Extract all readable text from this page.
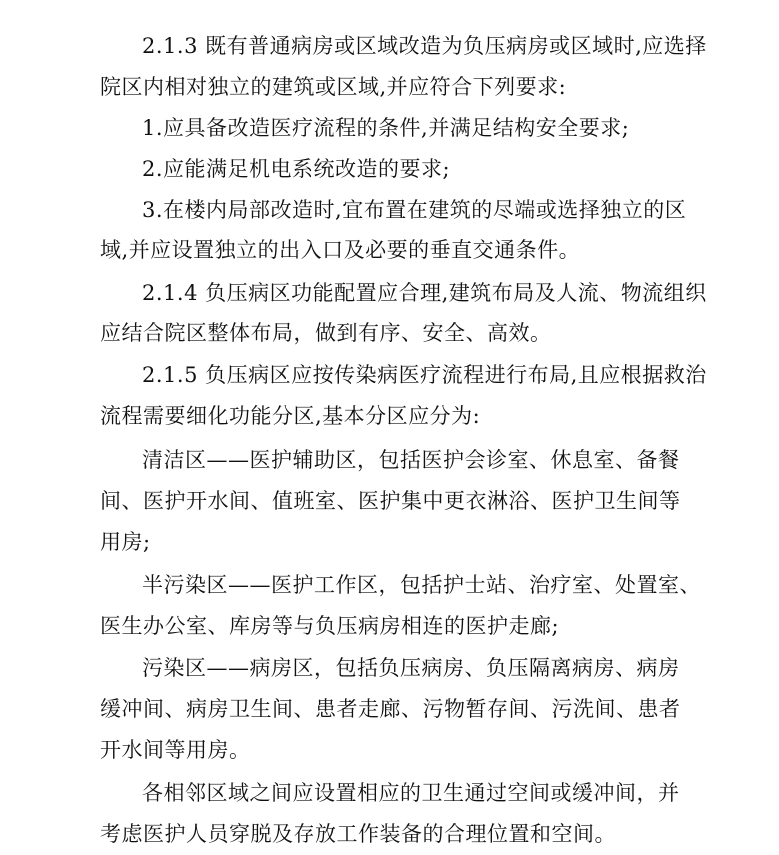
2.1.3 既有普通病房或区域改造为负压病房或区域时,应选择
院区内相对独立的建筑或区域,并应符合下列要求:
1.应具备改造医疗流程的条件,并满足结构安全要求;
2.应能满足机电系统改造的要求;
3.在楼内局部改造时,宜布置在建筑的尽端或选择独立的区
域,并应设置独立的出入口及必要的垂直交通条件。
2.1.4 负压病区功能配置应合理,建筑布局及人流、物流组织
应结合院区整体布局，做到有序、安全、高效。
2.1.5 负压病区应按传染病医疗流程进行布局,且应根据救治
流程需要细化功能分区,基本分区应分为:
清洁区——医护辅助区，包括医护会诊室、休息室、备餐
间、医护开水间、值班室、医护集中更衣淋浴、医护卫生间等
用房;
半污染区——医护工作区，包括护士站、治疗室、处置室、
医生办公室、库房等与负压病房相连的医护走廊;
污染区——病房区，包括负压病房、负压隔离病房、病房
缓冲间、病房卫生间、患者走廊、污物暂存间、污洗间、患者
开水间等用房。
各相邻区域之间应设置相应的卫生通过空间或缓冲间，并
考虑医护人员穿脱及存放工作装备的合理位置和空间。
